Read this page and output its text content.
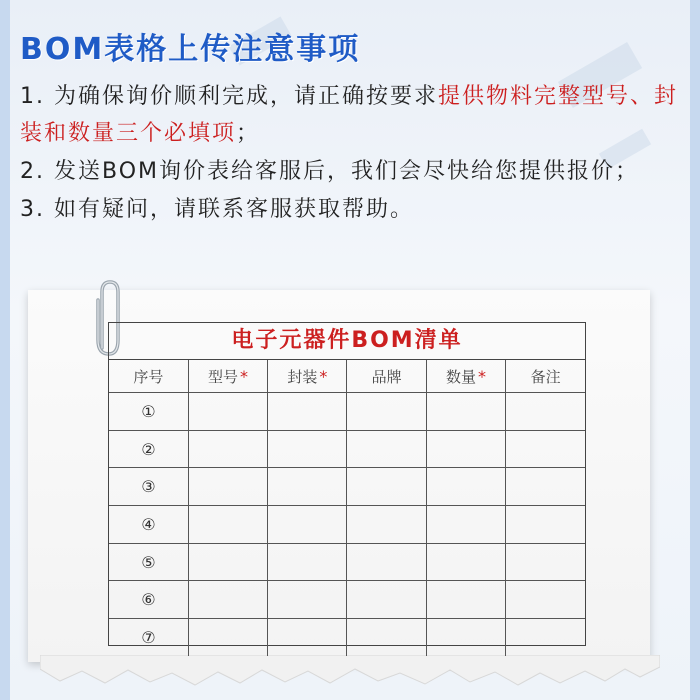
BOM表格上传注意事项

1. 为确保询价顺利完成，请正确按要求提供物料完整型号、封装和数量三个必填项；

2. 发送BOM询价表给客服后，我们会尽快给您提供报价；

3. 如有疑问，请联系客服获取帮助。

电子元器件BOM清单
序号	型号 *	封装 *	品牌	数量 *	备注
①					
②					
③					
④					
⑤					
⑥					
⑦					
